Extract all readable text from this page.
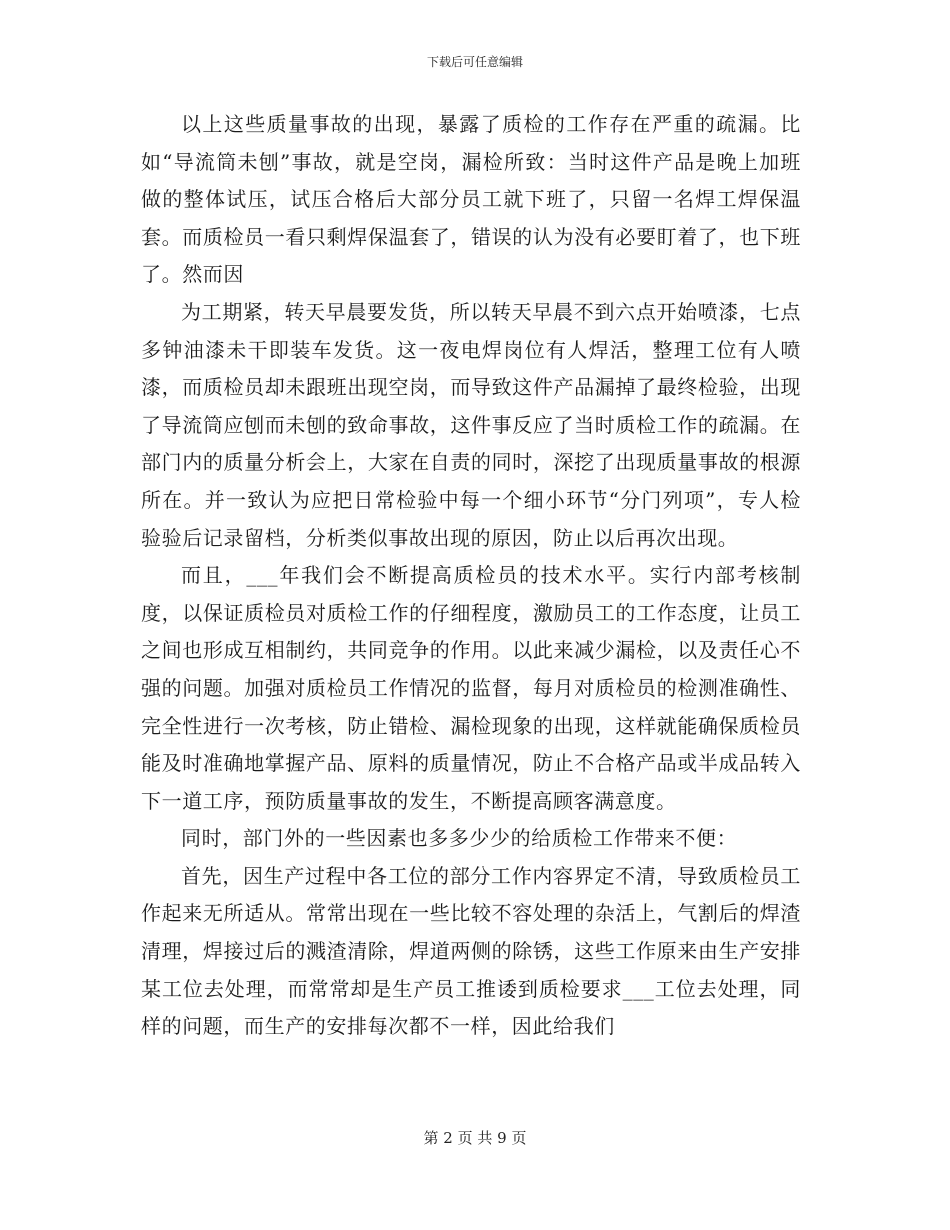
下载后可任意编辑

以上这些质量事故的出现，暴露了质检的工作存在严重的疏漏。比如“导流筒未刨”事故，就是空岗，漏检所致：当时这件产品是晚上加班做的整体试压，试压合格后大部分员工就下班了，只留一名焊工焊保温套。而质检员一看只剩焊保温套了，错误的认为没有必要盯着了，也下班了。然而因

为工期紧，转天早晨要发货，所以转天早晨不到六点开始喷漆，七点多钟油漆未干即装车发货。这一夜电焊岗位有人焊活，整理工位有人喷漆，而质检员却未跟班出现空岗，而导致这件产品漏掉了最终检验，出现了导流筒应刨而未刨的致命事故，这件事反应了当时质检工作的疏漏。在部门内的质量分析会上，大家在自责的同时，深挖了出现质量事故的根源所在。并一致认为应把日常检验中每一个细小环节“分门列项”，专人检验验后记录留档，分析类似事故出现的原因，防止以后再次出现。

而且，___年我们会不断提高质检员的技术水平。实行内部考核制度，以保证质检员对质检工作的仔细程度，激励员工的工作态度，让员工之间也形成互相制约，共同竞争的作用。以此来减少漏检，以及责任心不强的问题。加强对质检员工作情况的监督，每月对质检员的检测准确性、完全性进行一次考核，防止错检、漏检现象的出现，这样就能确保质检员能及时准确地掌握产品、原料的质量情况，防止不合格产品或半成品转入下一道工序，预防质量事故的发生，不断提高顾客满意度。

同时，部门外的一些因素也多多少少的给质检工作带来不便：

首先，因生产过程中各工位的部分工作内容界定不清，导致质检员工作起来无所适从。常常出现在一些比较不容处理的杂活上，气割后的焊渣清理，焊接过后的溅渣清除，焊道两侧的除锈，这些工作原来由生产安排某工位去处理，而常常却是生产员工推诿到质检要求___工位去处理，同样的问题，而生产的安排每次都不一样，因此给我们

第 2 页 共 9 页
